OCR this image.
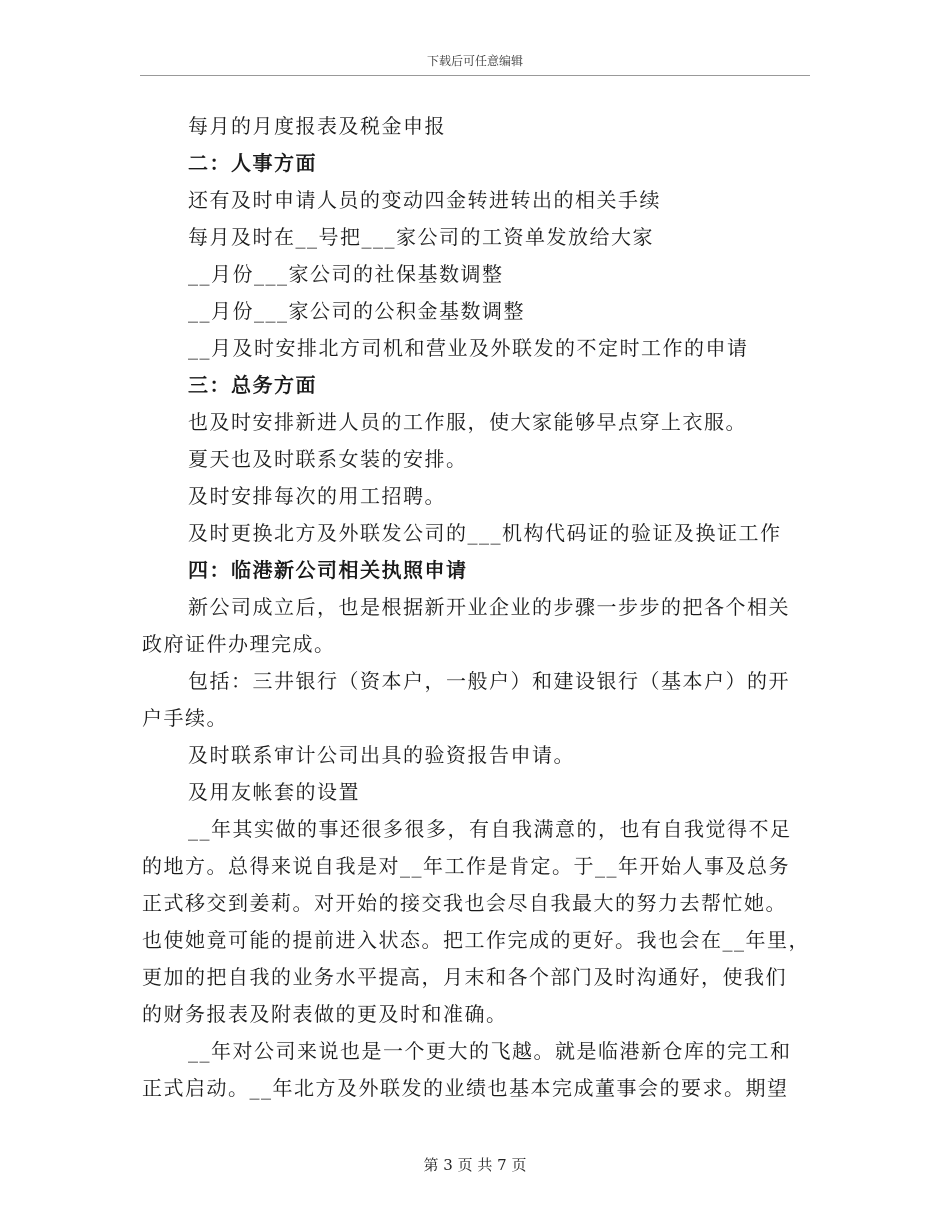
下载后可任意编辑
每月的月度报表及税金申报
二：人事方面
还有及时申请人员的变动四金转进转出的相关手续
每月及时在__号把___家公司的工资单发放给大家
__月份___家公司的社保基数调整
__月份___家公司的公积金基数调整
__月及时安排北方司机和营业及外联发的不定时工作的申请
三：总务方面
也及时安排新进人员的工作服，使大家能够早点穿上衣服。
夏天也及时联系女装的安排。
及时安排每次的用工招聘。
及时更换北方及外联发公司的___机构代码证的验证及换证工作
四：临港新公司相关执照申请
新公司成立后，也是根据新开业企业的步骤一步步的把各个相关
政府证件办理完成。
包括：三井银行（资本户，一般户）和建设银行（基本户）的开
户手续。
及时联系审计公司出具的验资报告申请。
及用友帐套的设置
__年其实做的事还很多很多，有自我满意的，也有自我觉得不足
的地方。总得来说自我是对__年工作是肯定。于__年开始人事及总务
正式移交到姜莉。对开始的接交我也会尽自我最大的努力去帮忙她。
也使她竟可能的提前进入状态。把工作完成的更好。我也会在__年里，
更加的把自我的业务水平提高，月末和各个部门及时沟通好，使我们
的财务报表及附表做的更及时和准确。
__年对公司来说也是一个更大的飞越。就是临港新仓库的完工和
正式启动。__年北方及外联发的业绩也基本完成董事会的要求。期望
第 3 页 共 7 页
